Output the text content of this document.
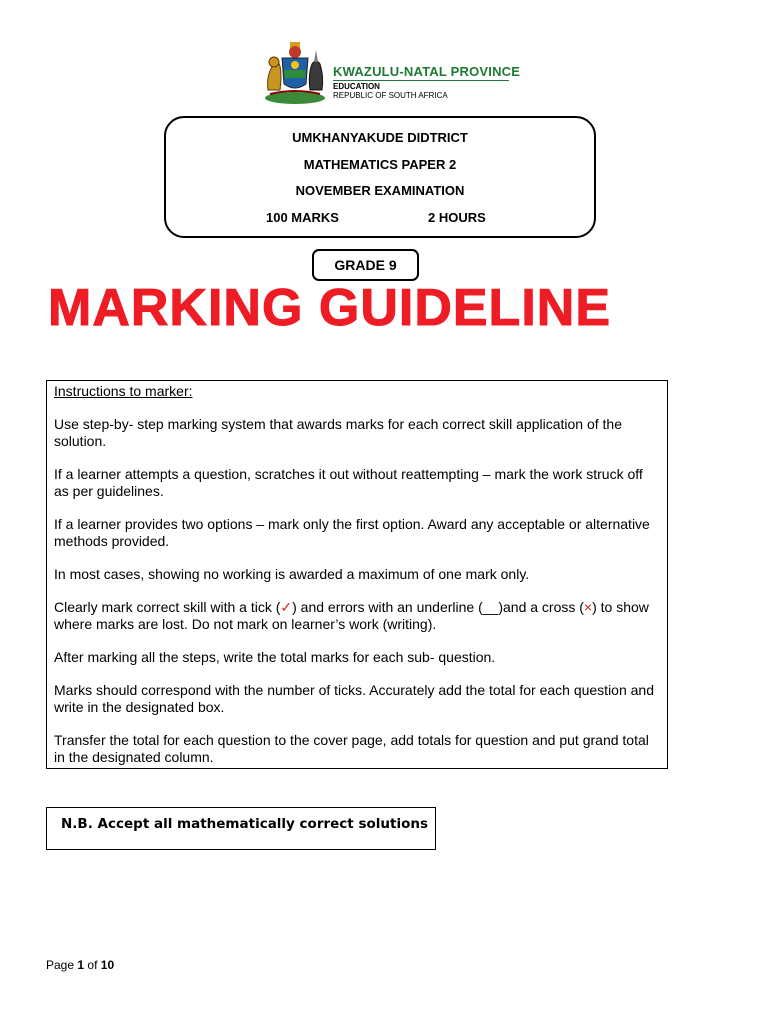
KWAZULU-NATAL PROVINCE
EDUCATION
REPUBLIC OF SOUTH AFRICA
UMKHANYAKUDE DIDTRICT
MATHEMATICS PAPER 2
NOVEMBER EXAMINATION
100 MARKS	2 HOURS
GRADE 9
MARKING GUIDELINE

Instructions to marker:

Use step-by- step marking system that awards marks for each correct skill application of the solution.

If a learner attempts a question, scratches it out without reattempting – mark the work struck off as per guidelines.

If a learner provides two options – mark only the first option. Award any acceptable or alternative methods provided.

In most cases, showing no working is awarded a maximum of one mark only.

Clearly mark correct skill with a tick (✓) and errors with an underline (__)and a cross (×) to show where marks are lost. Do not mark on learner’s work (writing).

After marking all the steps, write the total marks for each sub- question.

Marks should correspond with the number of ticks. Accurately add the total for each question and write in the designated box.

Transfer the total for each question to the cover page, add totals for question and put grand total in the designated column.

N.B. Accept all mathematically correct solutions
Page 1 of 10
